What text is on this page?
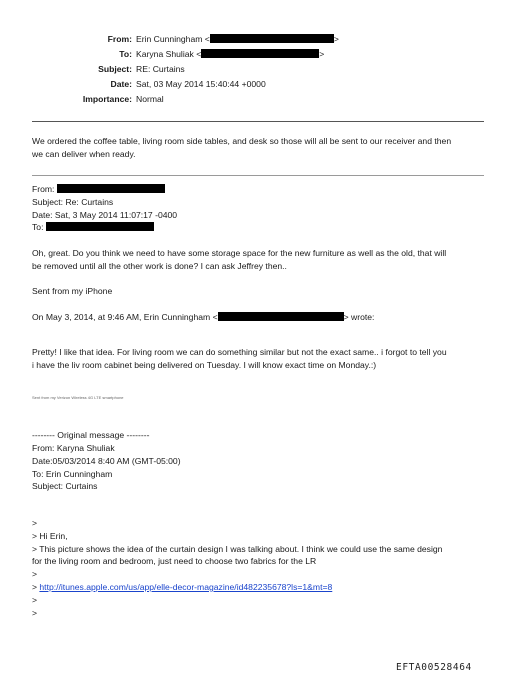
From: Erin Cunningham <	>
To: Karyna Shuliak <	>
Subject: RE: Curtains
Date: Sat, 03 May 2014 15:40:44 +0000
Importance: Normal
We ordered the coffee table, living room side tables, and desk so those will all be sent to our receiver and then
we can deliver when ready.
From:
Subject: Re: Curtains
Date: Sat, 3 May 2014 11:07:17 -0400
To:
Oh, great. Do you think we need to have some storage space for the new furniture as well as the old, that will
be removed until all the other work is done? I can ask Jeffrey then..
Sent from my iPhone
On May 3, 2014, at 9:46 AM, Erin Cunningham <	> wrote:
Pretty! I like that idea. For living room we can do something similar but not the exact same.. i forgot to tell you
i have the liv room cabinet being delivered on Tuesday. I will know exact time on Monday.:)
Sent from my Verizon Wireless 4G LTE smartphone
-------- Original message --------
From: Karyna Shuliak
Date:05/03/2014 8:40 AM (GMT-05:00)
To: Erin Cunningham
Subject: Curtains
>
> Hi Erin,
> This picture shows the idea of the curtain design I was talking about. I think we could use the same design
for the living room and bedroom, just need to choose two fabrics for the LR
>
> http://itunes.apple.com/us/app/elle-decor-magazine/id482235678?ls=1&mt=8
>
>
EFTA00528464
